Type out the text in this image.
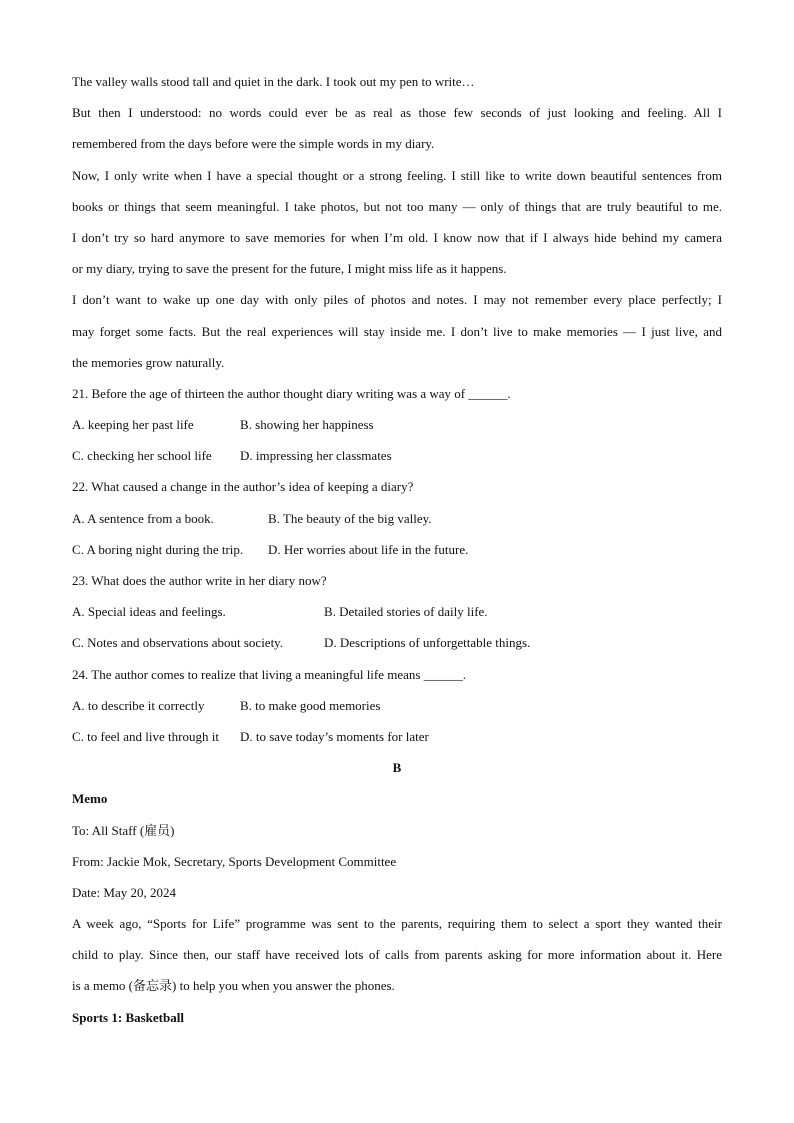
The valley walls stood tall and quiet in the dark. I took out my pen to write…
But then I understood: no words could ever be as real as those few seconds of just looking and feeling. All I
remembered from the days before were the simple words in my diary.
Now, I only write when I have a special thought or a strong feeling. I still like to write down beautiful sentences from
books or things that seem meaningful. I take photos, but not too many — only of things that are truly beautiful to me.
I don’t try so hard anymore to save memories for when I’m old. I know now that if I always hide behind my camera
or my diary, trying to save the present for the future, I might miss life as it happens.
I don’t want to wake up one day with only piles of photos and notes. I may not remember every place perfectly; I
may forget some facts. But the real experiences will stay inside me. I don’t live to make memories — I just live, and
the memories grow naturally.
21. Before the age of thirteen the author thought diary writing was a way of ______.
A. keeping her past life	B. showing her happiness
C. checking her school life	D. impressing her classmates
22. What caused a change in the author’s idea of keeping a diary?
A. A sentence from a book.	B. The beauty of the big valley.
C. A boring night during the trip.	D. Her worries about life in the future.
23. What does the author write in her diary now?
A. Special ideas and feelings.	B. Detailed stories of daily life.
C. Notes and observations about society.	D. Descriptions of unforgettable things.
24. The author comes to realize that living a meaningful life means ______.
A. to describe it correctly	B. to make good memories
C. to feel and live through it	D. to save today’s moments for later
B
Memo
To: All Staff (雇员)
From: Jackie Mok, Secretary, Sports Development Committee
Date: May 20, 2024
A week ago, “Sports for Life” programme was sent to the parents, requiring them to select a sport they wanted their
child to play. Since then, our staff have received lots of calls from parents asking for more information about it. Here
is a memo (备忘录) to help you when you answer the phones.
Sports 1: Basketball
